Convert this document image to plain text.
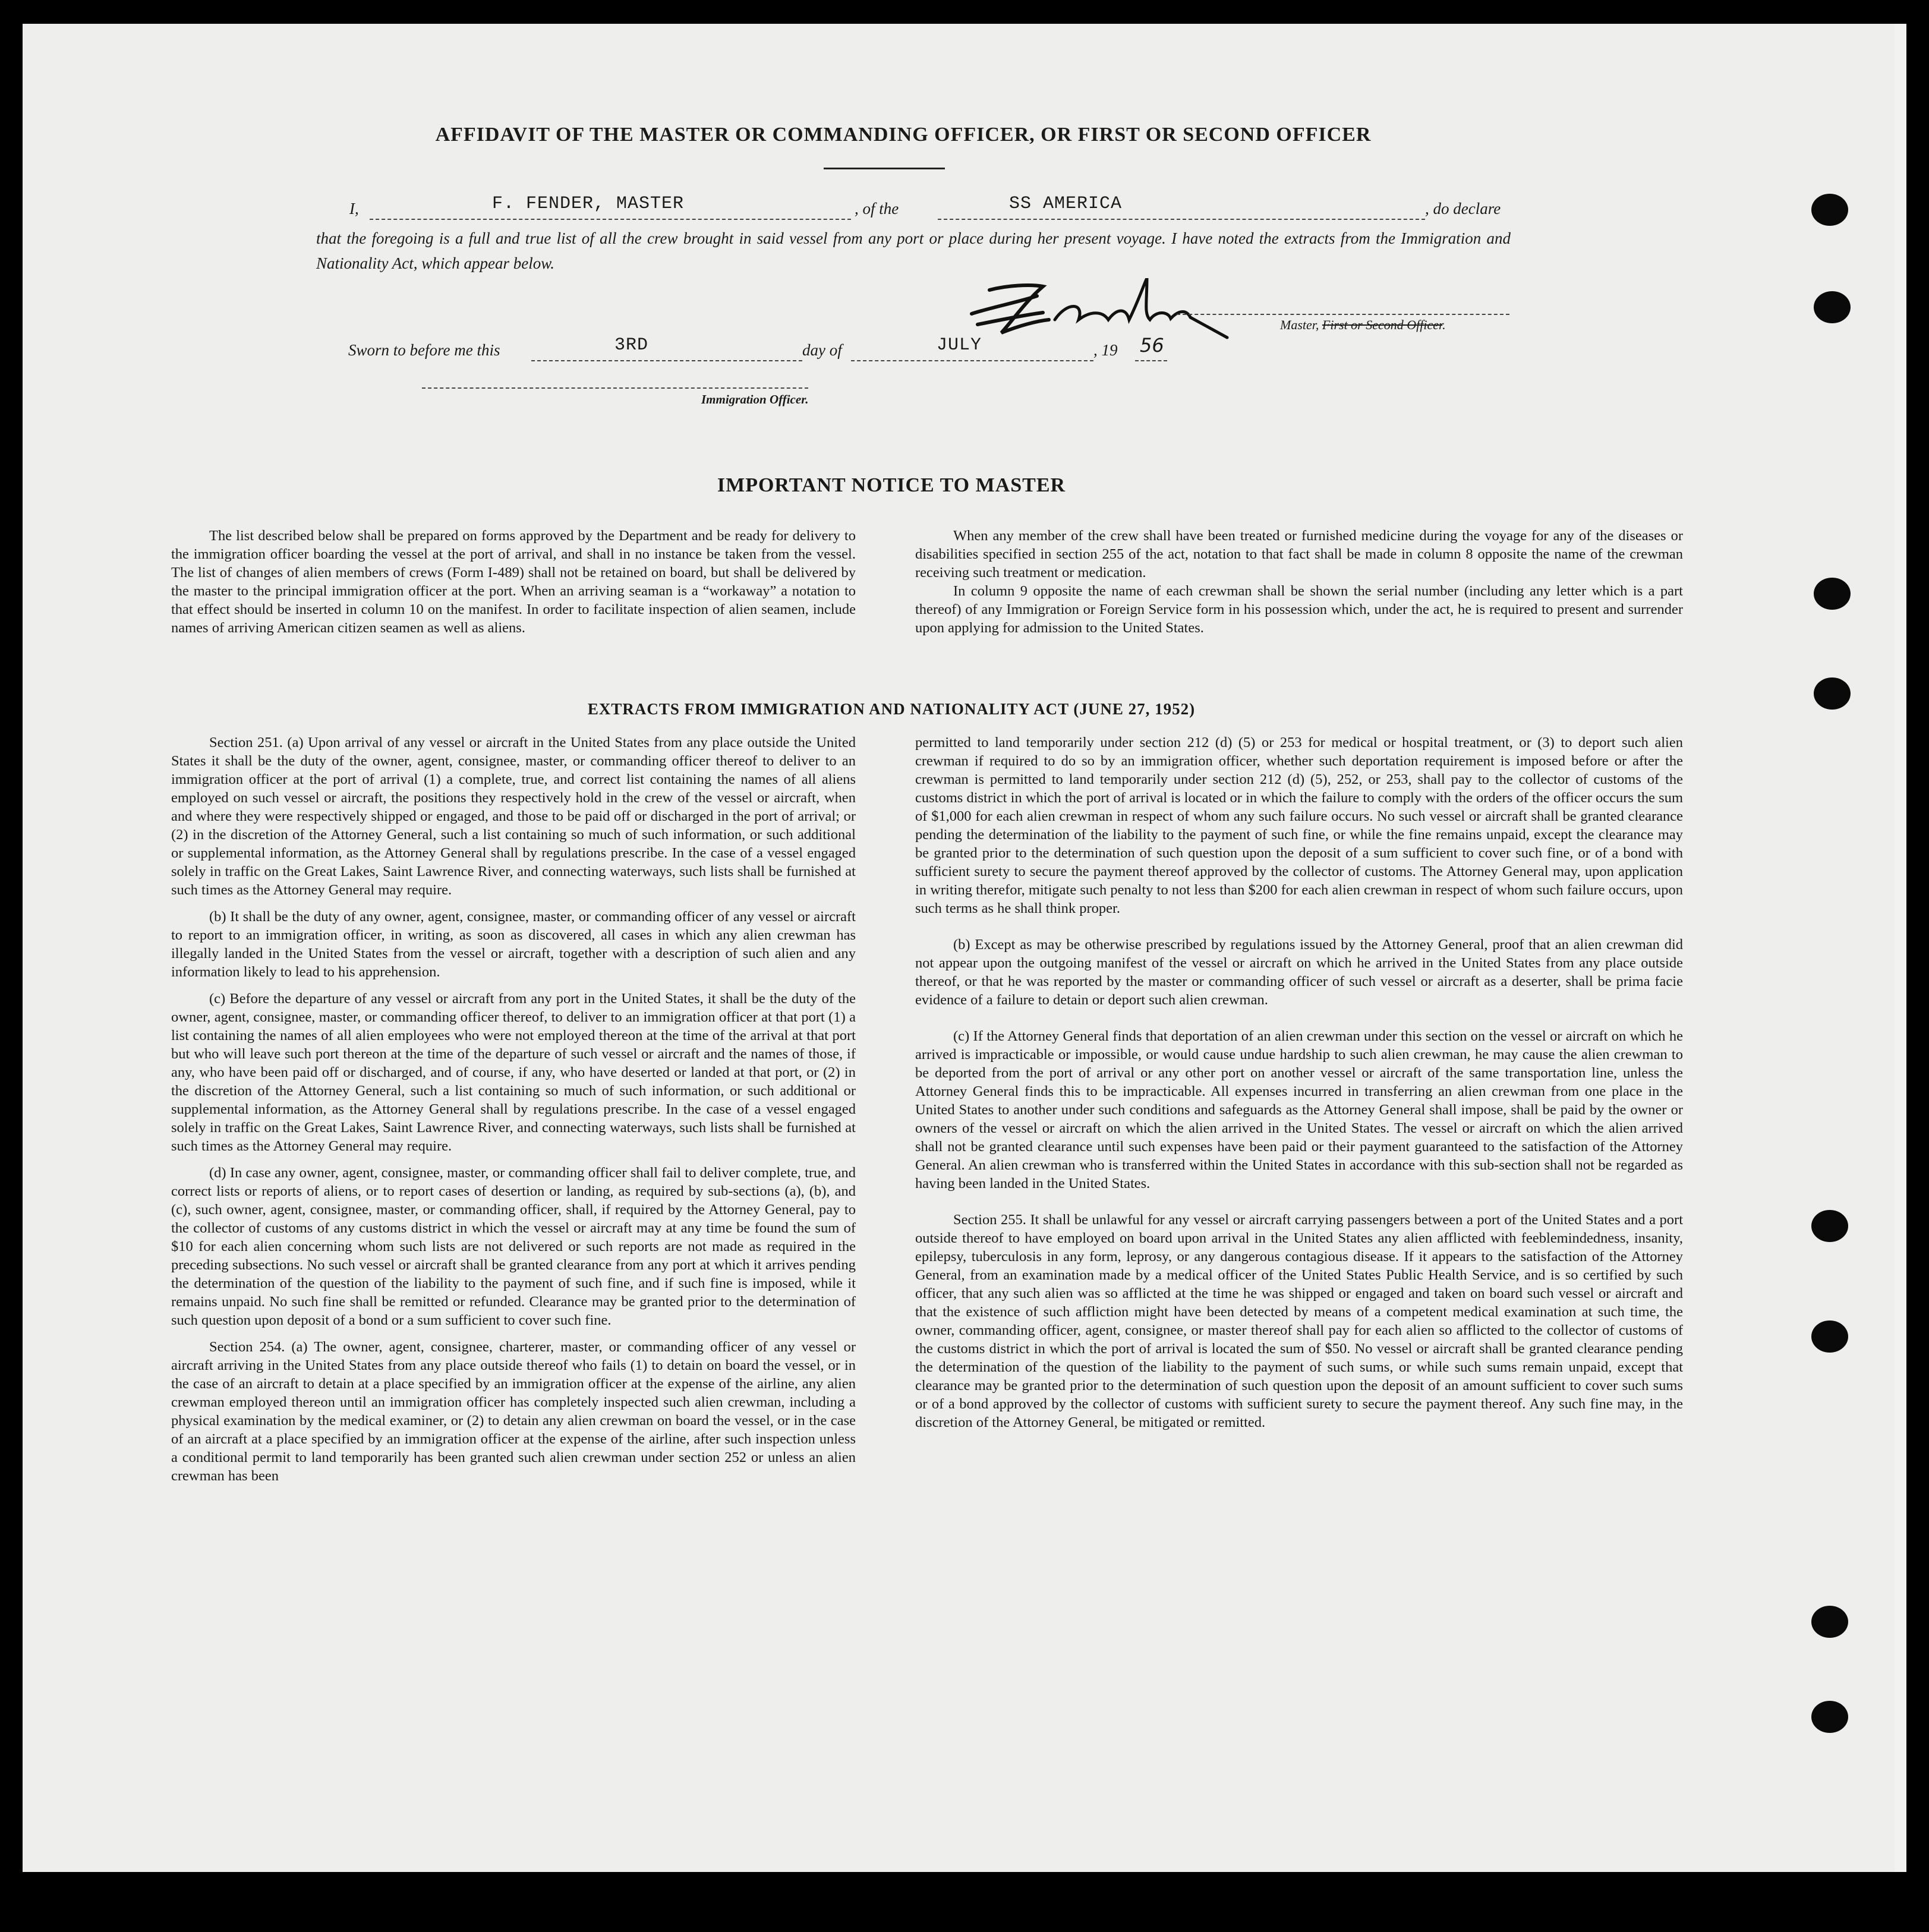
AFFIDAVIT OF THE MASTER OR COMMANDING OFFICER, OR FIRST OR SECOND OFFICER
I,	F. FENDER, MASTER	, of the	SS AMERICA	, do declare
that the foregoing is a full and true list of all the crew brought in said vessel from any port or place during her present voyage. I have noted the extracts from the Immigration and Nationality Act, which appear below.
Master, First or Second Officer.
Sworn to before me this	3RD	day of	JULY	, 19 56
Immigration Officer.
IMPORTANT NOTICE TO MASTER

The list described below shall be prepared on forms approved by the Department and be ready for delivery to the immigration officer boarding the vessel at the port of arrival, and shall in no instance be taken from the vessel. The list of changes of alien members of crews (Form I-489) shall not be retained on board, but shall be delivered by the master to the principal immigration officer at the port. When an arriving seaman is a “workaway” a notation to that effect should be inserted in column 10 on the manifest. In order to facilitate inspection of alien seamen, include names of arriving American citizen seamen as well as aliens.

When any member of the crew shall have been treated or furnished medicine during the voyage for any of the diseases or disabilities specified in section 255 of the act, notation to that fact shall be made in column 8 opposite the name of the crewman receiving such treatment or medication.

In column 9 opposite the name of each crewman shall be shown the serial number (including any letter which is a part thereof) of any Immigration or Foreign Service form in his possession which, under the act, he is required to present and surrender upon applying for admission to the United States.

EXTRACTS FROM IMMIGRATION AND NATIONALITY ACT (JUNE 27, 1952)

Section 251. (a) Upon arrival of any vessel or aircraft in the United States from any place outside the United States it shall be the duty of the owner, agent, consignee, master, or commanding officer thereof to deliver to an immigration officer at the port of arrival (1) a complete, true, and correct list containing the names of all aliens employed on such vessel or aircraft, the positions they respectively hold in the crew of the vessel or aircraft, when and where they were respectively shipped or engaged, and those to be paid off or discharged in the port of arrival; or (2) in the discretion of the Attorney General, such a list containing so much of such information, or such additional or supplemental information, as the Attorney General shall by regulations prescribe. In the case of a vessel engaged solely in traffic on the Great Lakes, Saint Lawrence River, and connecting waterways, such lists shall be furnished at such times as the Attorney General may require.

(b) It shall be the duty of any owner, agent, consignee, master, or commanding officer of any vessel or aircraft to report to an immigration officer, in writing, as soon as discovered, all cases in which any alien crewman has illegally landed in the United States from the vessel or aircraft, together with a description of such alien and any information likely to lead to his apprehension.

(c) Before the departure of any vessel or aircraft from any port in the United States, it shall be the duty of the owner, agent, consignee, master, or commanding officer thereof, to deliver to an immigration officer at that port (1) a list containing the names of all alien employees who were not employed thereon at the time of the arrival at that port but who will leave such port thereon at the time of the departure of such vessel or aircraft and the names of those, if any, who have been paid off or discharged, and of course, if any, who have deserted or landed at that port, or (2) in the discretion of the Attorney General, such a list containing so much of such information, or such additional or supplemental information, as the Attorney General shall by regulations prescribe. In the case of a vessel engaged solely in traffic on the Great Lakes, Saint Lawrence River, and connecting waterways, such lists shall be furnished at such times as the Attorney General may require.

(d) In case any owner, agent, consignee, master, or commanding officer shall fail to deliver complete, true, and correct lists or reports of aliens, or to report cases of desertion or landing, as required by sub-sections (a), (b), and (c), such owner, agent, consignee, master, or commanding officer, shall, if required by the Attorney General, pay to the collector of customs of any customs district in which the vessel or aircraft may at any time be found the sum of $10 for each alien concerning whom such lists are not delivered or such reports are not made as required in the preceding subsections. No such vessel or aircraft shall be granted clearance from any port at which it arrives pending the determination of the question of the liability to the payment of such fine, and if such fine is imposed, while it remains unpaid. No such fine shall be remitted or refunded. Clearance may be granted prior to the determination of such question upon deposit of a bond or a sum sufficient to cover such fine.

Section 254. (a) The owner, agent, consignee, charterer, master, or commanding officer of any vessel or aircraft arriving in the United States from any place outside thereof who fails (1) to detain on board the vessel, or in the case of an aircraft to detain at a place specified by an immigration officer at the expense of the airline, any alien crewman employed thereon until an immigration officer has completely inspected such alien crewman, including a physical examination by the medical examiner, or (2) to detain any alien crewman on board the vessel, or in the case of an aircraft at a place specified by an immigration officer at the expense of the airline, after such inspection unless a conditional permit to land temporarily has been granted such alien crewman under section 252 or unless an alien crewman has been

permitted to land temporarily under section 212 (d) (5) or 253 for medical or hospital treatment, or (3) to deport such alien crewman if required to do so by an immigration officer, whether such deportation requirement is imposed before or after the crewman is permitted to land temporarily under section 212 (d) (5), 252, or 253, shall pay to the collector of customs of the customs district in which the port of arrival is located or in which the failure to comply with the orders of the officer occurs the sum of $1,000 for each alien crewman in respect of whom any such failure occurs. No such vessel or aircraft shall be granted clearance pending the determination of the liability to the payment of such fine, or while the fine remains unpaid, except the clearance may be granted prior to the determination of such question upon the deposit of a sum sufficient to cover such fine, or of a bond with sufficient surety to secure the payment thereof approved by the collector of customs. The Attorney General may, upon application in writing therefor, mitigate such penalty to not less than $200 for each alien crewman in respect of whom such failure occurs, upon such terms as he shall think proper.

(b) Except as may be otherwise prescribed by regulations issued by the Attorney General, proof that an alien crewman did not appear upon the outgoing manifest of the vessel or aircraft on which he arrived in the United States from any place outside thereof, or that he was reported by the master or commanding officer of such vessel or aircraft as a deserter, shall be prima facie evidence of a failure to detain or deport such alien crewman.

(c) If the Attorney General finds that deportation of an alien crewman under this section on the vessel or aircraft on which he arrived is impracticable or impossible, or would cause undue hardship to such alien crewman, he may cause the alien crewman to be deported from the port of arrival or any other port on another vessel or aircraft of the same transportation line, unless the Attorney General finds this to be impracticable. All expenses incurred in transferring an alien crewman from one place in the United States to another under such conditions and safeguards as the Attorney General shall impose, shall be paid by the owner or owners of the vessel or aircraft on which the alien arrived in the United States. The vessel or aircraft on which the alien arrived shall not be granted clearance until such expenses have been paid or their payment guaranteed to the satisfaction of the Attorney General. An alien crewman who is transferred within the United States in accordance with this sub-section shall not be regarded as having been landed in the United States.

Section 255. It shall be unlawful for any vessel or aircraft carrying passengers between a port of the United States and a port outside thereof to have employed on board upon arrival in the United States any alien afflicted with feeblemindedness, insanity, epilepsy, tuberculosis in any form, leprosy, or any dangerous contagious disease. If it appears to the satisfaction of the Attorney General, from an examination made by a medical officer of the United States Public Health Service, and is so certified by such officer, that any such alien was so afflicted at the time he was shipped or engaged and taken on board such vessel or aircraft and that the existence of such affliction might have been detected by means of a competent medical examination at such time, the owner, commanding officer, agent, consignee, or master thereof shall pay for each alien so afflicted to the collector of customs of the customs district in which the port of arrival is located the sum of $50. No vessel or aircraft shall be granted clearance pending the determination of the question of the liability to the payment of such sums, or while such sums remain unpaid, except that clearance may be granted prior to the determination of such question upon the deposit of an amount sufficient to cover such sums or of a bond approved by the collector of customs with sufficient surety to secure the payment thereof. Any such fine may, in the discretion of the Attorney General, be mitigated or remitted.
